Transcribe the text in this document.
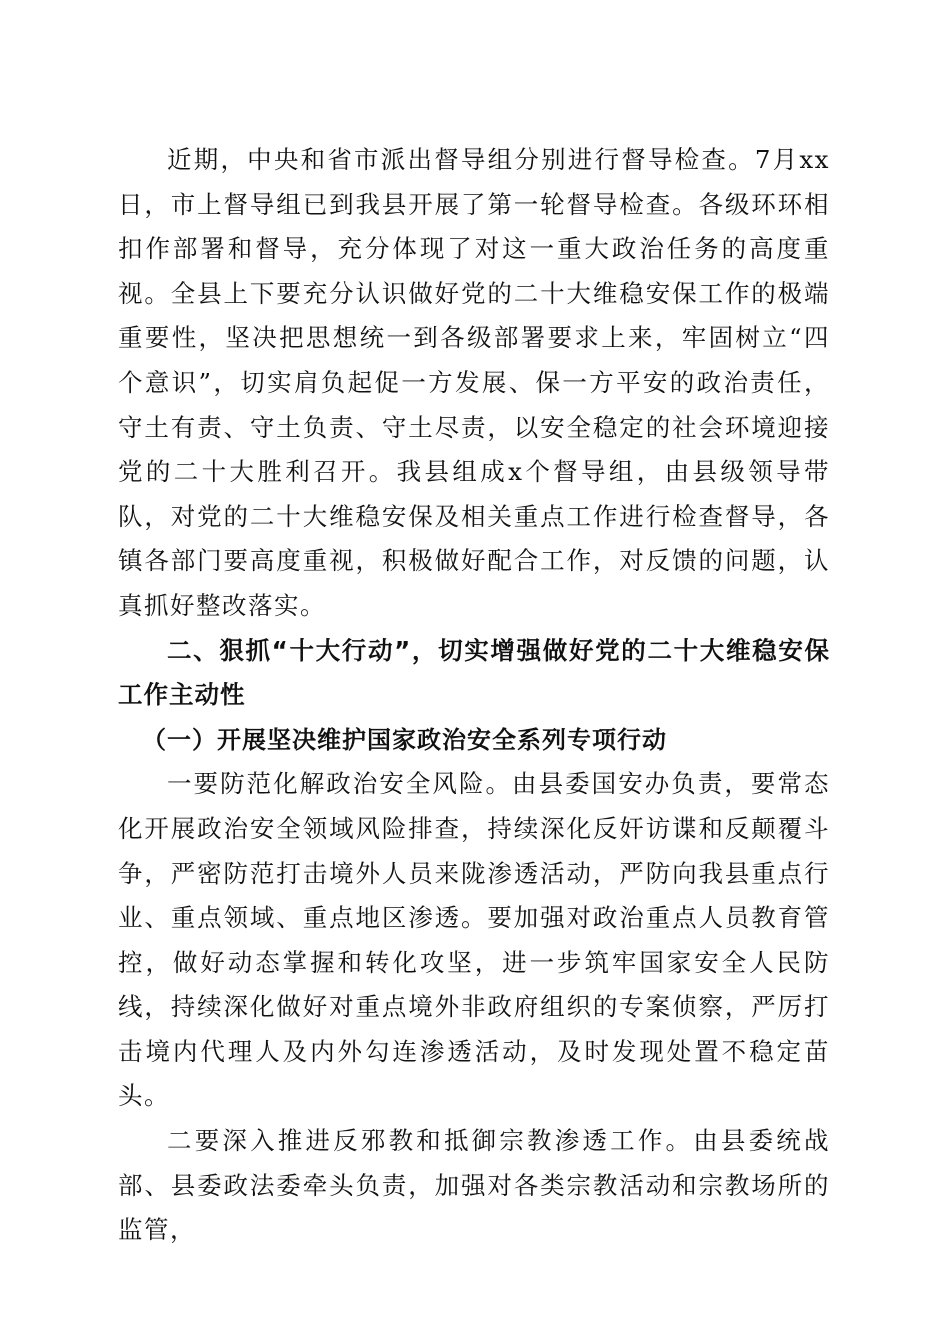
近期，中央和省市派出督导组分别进行督导检查。7月xx日，市上督导组已到我县开展了第一轮督导检查。各级环环相扣作部署和督导，充分体现了对这一重大政治任务的高度重视。全县上下要充分认识做好党的二十大维稳安保工作的极端重要性，坚决把思想统一到各级部署要求上来，牢固树立“四个意识”，切实肩负起促一方发展、保一方平安的政治责任，守土有责、守土负责、守土尽责，以安全稳定的社会环境迎接党的二十大胜利召开。我县组成x个督导组，由县级领导带队，对党的二十大维稳安保及相关重点工作进行检查督导，各镇各部门要高度重视，积极做好配合工作，对反馈的问题，认真抓好整改落实。

二、狠抓“十大行动”，切实增强做好党的二十大维稳安保工作主动性

（一）开展坚决维护国家政治安全系列专项行动

一要防范化解政治安全风险。由县委国安办负责，要常态化开展政治安全领域风险排查，持续深化反奸访谍和反颠覆斗争，严密防范打击境外人员来陇渗透活动，严防向我县重点行业、重点领域、重点地区渗透。要加强对政治重点人员教育管控，做好动态掌握和转化攻坚，进一步筑牢国家安全人民防线，持续深化做好对重点境外非政府组织的专案侦察，严厉打击境内代理人及内外勾连渗透活动，及时发现处置不稳定苗头。

二要深入推进反邪教和抵御宗教渗透工作。由县委统战部、县委政法委牵头负责，加强对各类宗教活动和宗教场所的监管，
